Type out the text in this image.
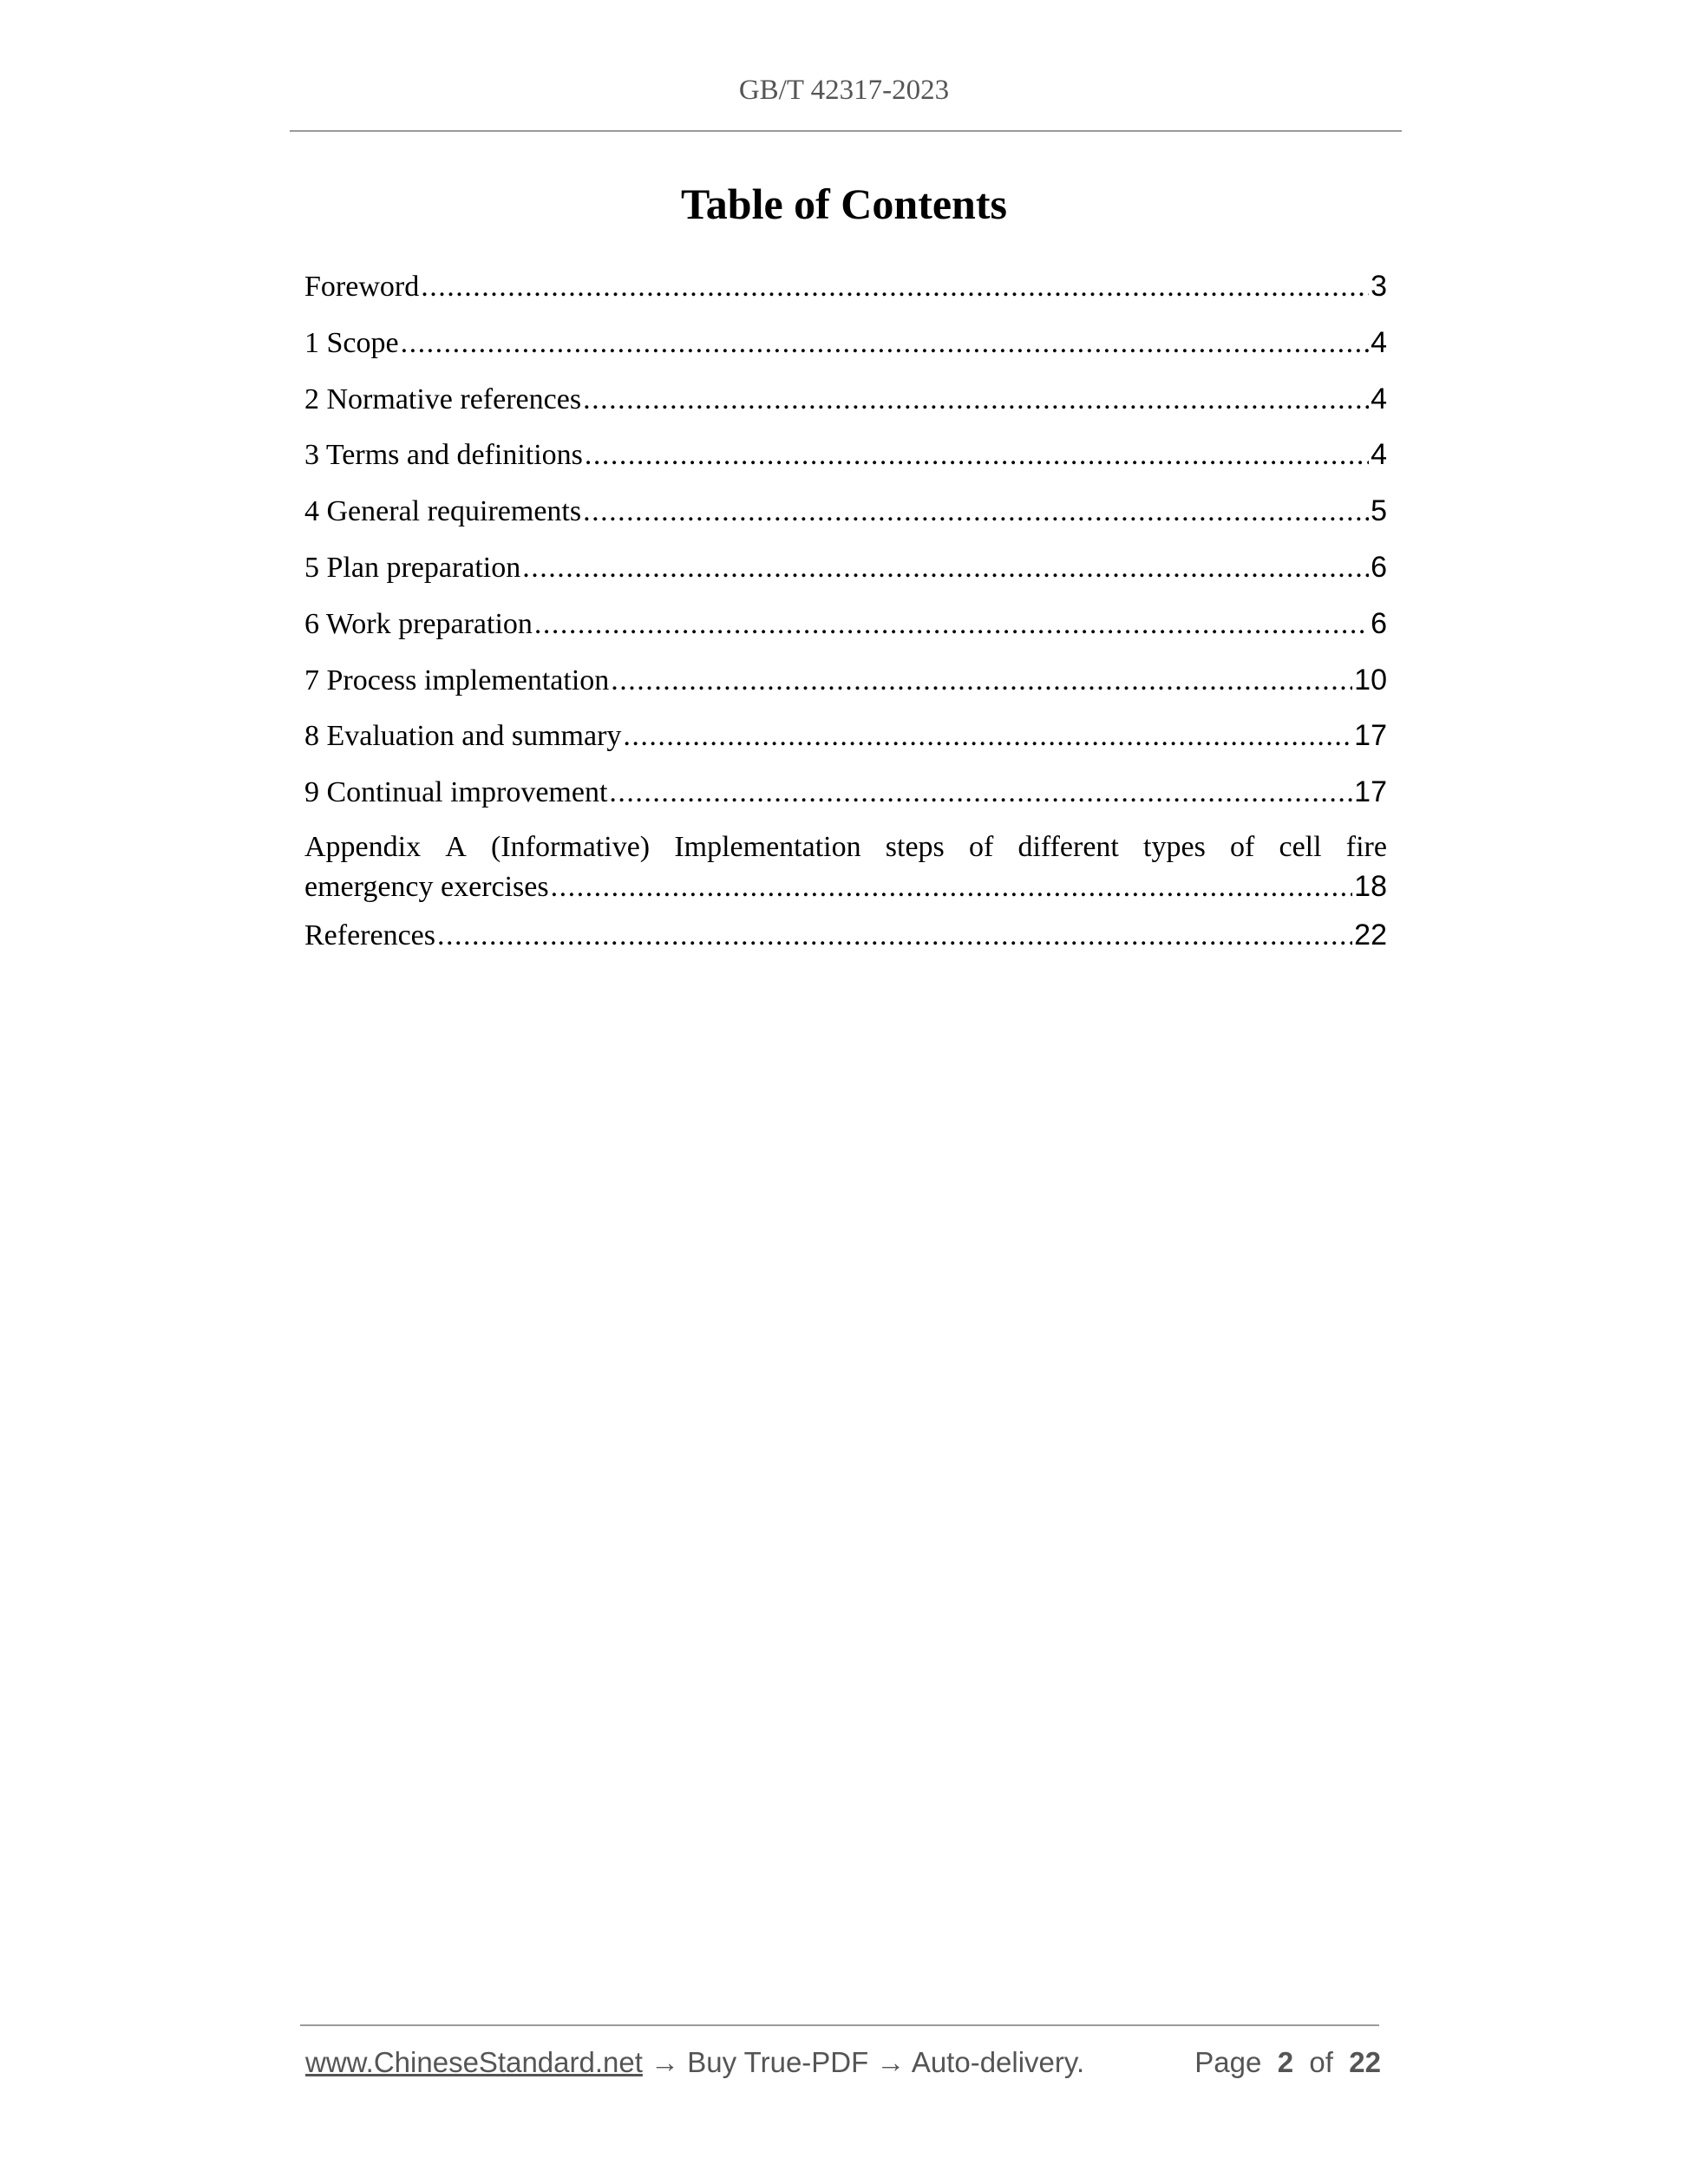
GB/T 42317-2023
Table of Contents
Foreword .....	3
1 Scope .....	4
2 Normative references .....	4
3 Terms and definitions .....	4
4 General requirements .....	5
5 Plan preparation .....	6
6 Work preparation .....	6
7 Process implementation .....	10
8 Evaluation and summary .....	17
9 Continual improvement .....	17
Appendix A (Informative) Implementation steps of different types of cell fire
emergency exercises .....	18
References .....	22
www.ChineseStandard.net → Buy True-PDF → Auto-delivery.	Page 2 of 22
